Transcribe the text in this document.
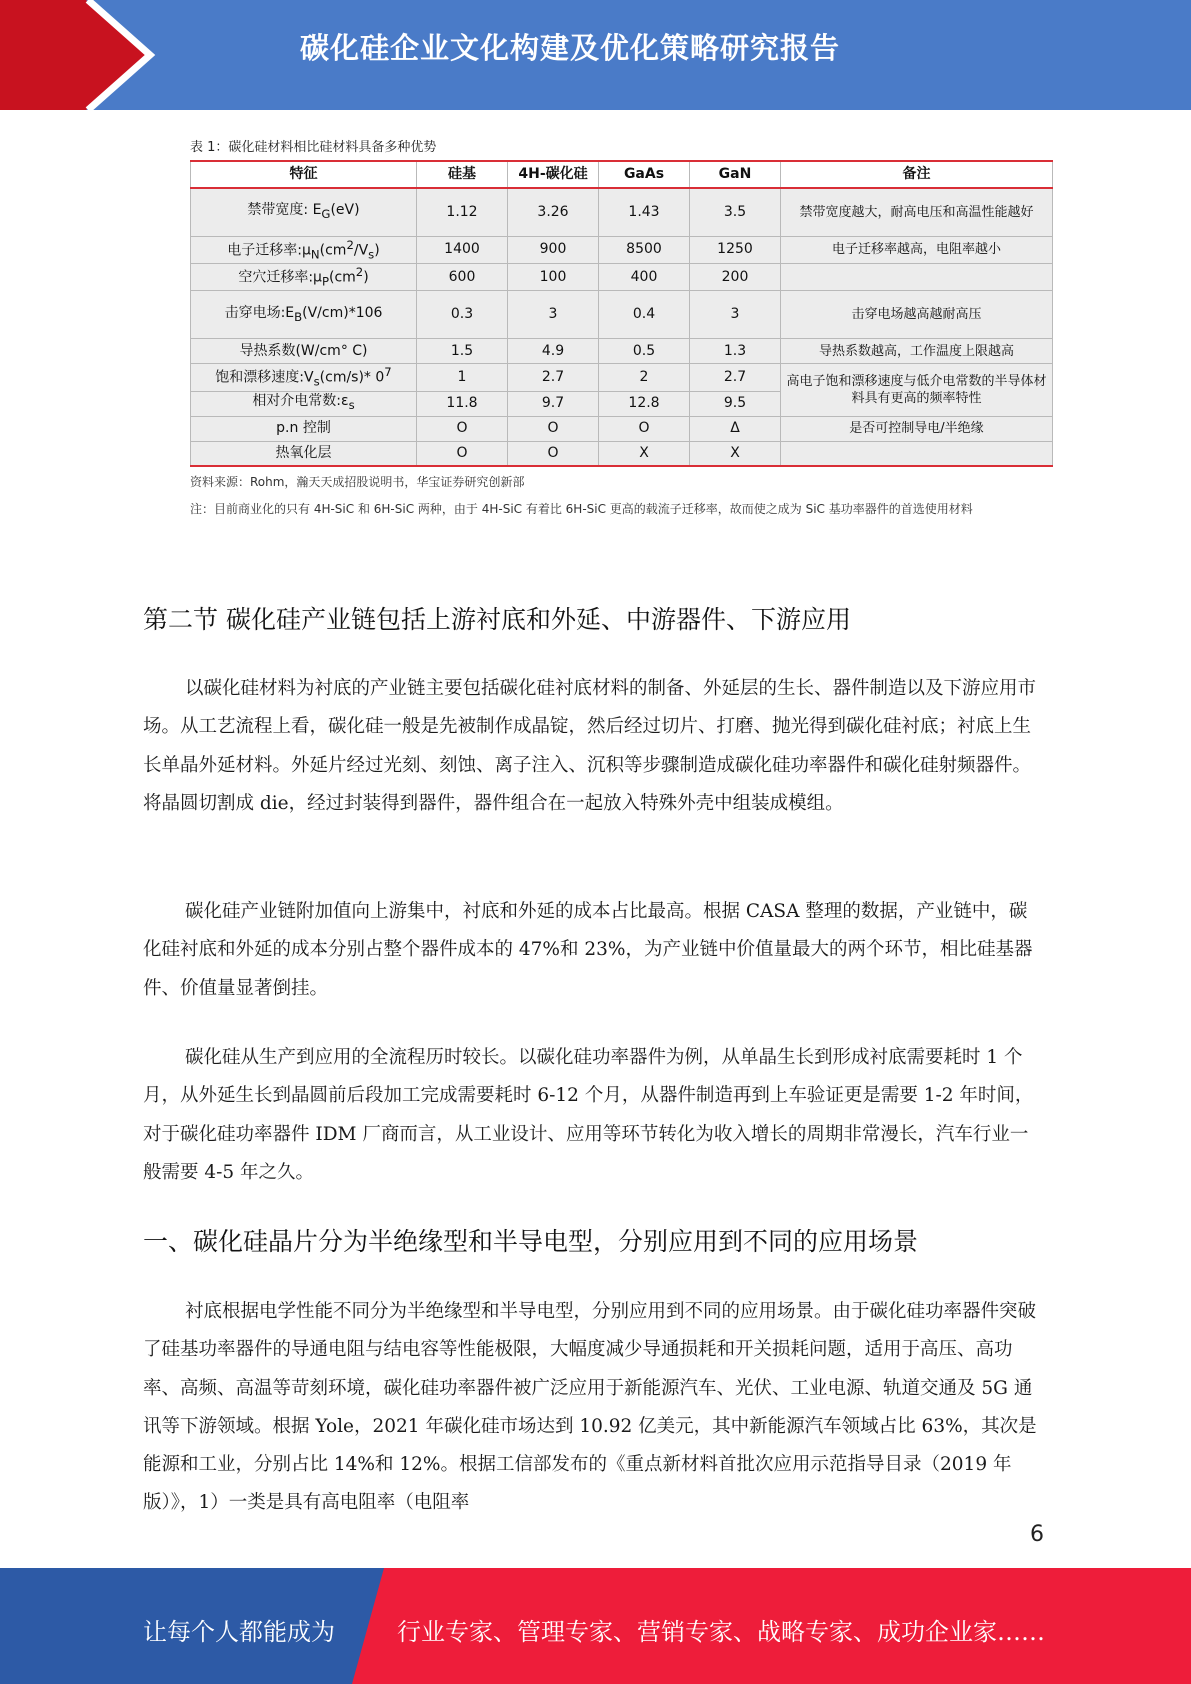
碳化硅企业文化构建及优化策略研究报告
表 1：碳化硅材料相比硅材料具备多种优势
特征	硅基	4H-碳化硅	GaAs	GaN	备注
禁带宽度: $E_G(eV)$	1.12	3.26	1.43	3.5	禁带宽度越大，耐高电压和高温性能越好
电子迁移率$:\mu_N(cm^2/V_s)$	1400	900	8500	1250	电子迁移率越高，电阻率越小
空穴迁移率$:\mu_P(cm^2)$	600	100	400	200	
击穿电场$:E_B(V/cm)*106$	0.3	3	0.4	3	击穿电场越高越耐高压
导热系数(W/cm° C)	1.5	4.9	0.5	1.3	导热系数越高，工作温度上限越高
饱和漂移速度$:V_s(cm/s)*$ $0^7$	1	2.7	2	2.7	高电子饱和漂移速度与低介电常数的半导体材料具有更高的频率特性
相对介电常数$:\varepsilon_s$	11.8	9.7	12.8	9.5	
p.n 控制	O	O	O	Δ	是否可控制导电/半绝缘
热氧化层	O	O	X	X	
资料来源：Rohm，瀚天天成招股说明书，华宝证券研究创新部
注：目前商业化的只有 4H-SiC 和 6H-SiC 两种，由于 4H-SiC 有着比 6H-SiC 更高的载流子迁移率，故而使之成为 SiC 基功率器件的首选使用材料
第二节 碳化硅产业链包括上游衬底和外延、中游器件、下游应用
以碳化硅材料为衬底的产业链主要包括碳化硅衬底材料的制备、外延层的生长、器件制造以及下游应用市场。从工艺流程上看，碳化硅一般是先被制作成晶锭，然后经过切片、打磨、抛光得到碳化硅衬底；衬底上生长单晶外延材料。外延片经过光刻、刻蚀、离子注入、沉积等步骤制造成碳化硅功率器件和碳化硅射频器件。将晶圆切割成 die，经过封装得到器件，器件组合在一起放入特殊外壳中组装成模组。
碳化硅产业链附加值向上游集中，衬底和外延的成本占比最高。根据 CASA 整理的数据，产业链中，碳化硅衬底和外延的成本分别占整个器件成本的 47%和 23%，为产业链中价值量最大的两个环节，相比硅基器件、价值量显著倒挂。
碳化硅从生产到应用的全流程历时较长。以碳化硅功率器件为例，从单晶生长到形成衬底需要耗时 1 个月，从外延生长到晶圆前后段加工完成需要耗时 6-12 个月，从器件制造再到上车验证更是需要 1-2 年时间，对于碳化硅功率器件 IDM 厂商而言，从工业设计、应用等环节转化为收入增长的周期非常漫长，汽车行业一般需要 4-5 年之久。
一、碳化硅晶片分为半绝缘型和半导电型，分别应用到不同的应用场景
衬底根据电学性能不同分为半绝缘型和半导电型，分别应用到不同的应用场景。由于碳化硅功率器件突破了硅基功率器件的导通电阻与结电容等性能极限，大幅度减少导通损耗和开关损耗问题，适用于高压、高功率、高频、高温等苛刻环境，碳化硅功率器件被广泛应用于新能源汽车、光伏、工业电源、轨道交通及 5G 通讯等下游领域。根据 Yole，2021 年碳化硅市场达到 10.92 亿美元，其中新能源汽车领域占比 63%，其次是能源和工业，分别占比 14%和 12%。根据工信部发布的《重点新材料首批次应用示范指导目录（2019 年版）》，1）一类是具有高电阻率（电阻率
6
让每个人都能成为	行业专家、管理专家、营销专家、战略专家、成功企业家……
